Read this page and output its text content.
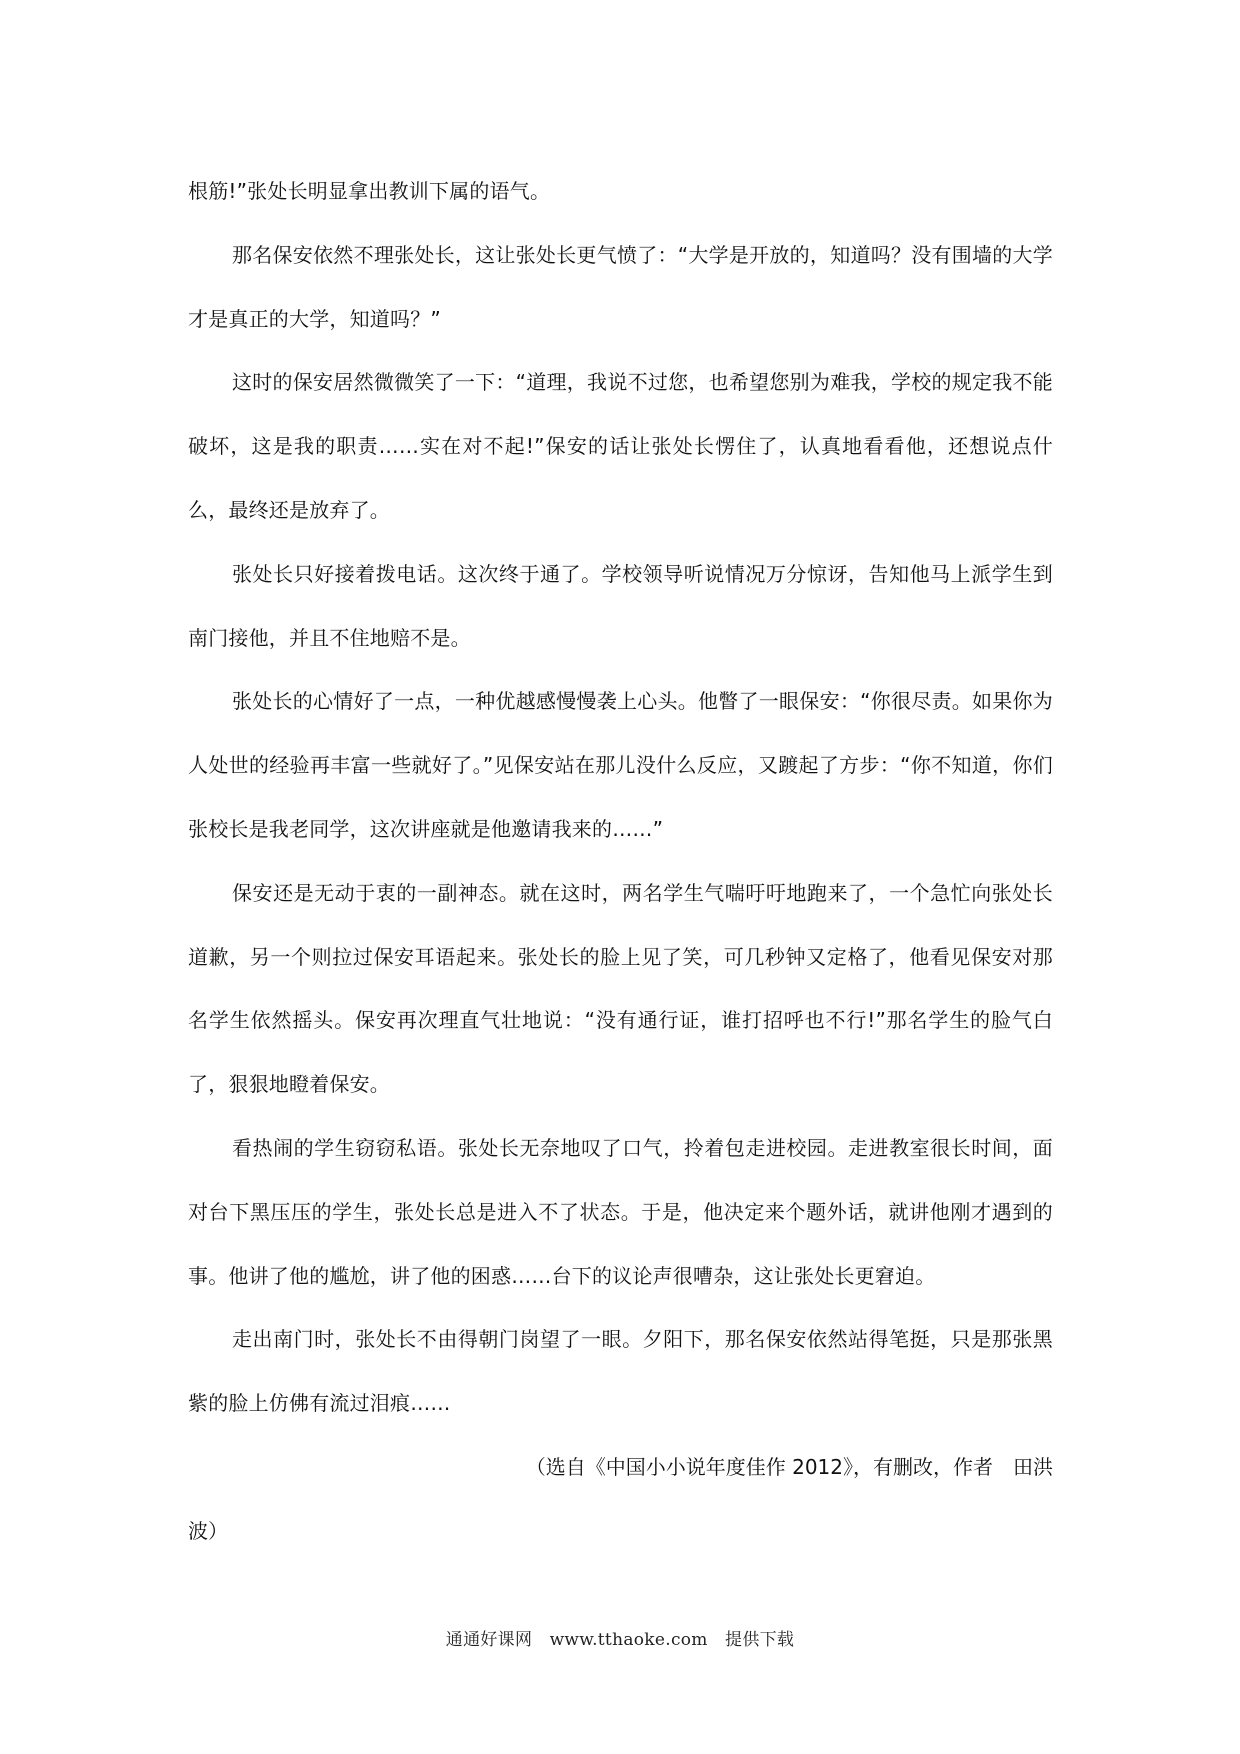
根筋!”张处长明显拿出教训下属的语气。

那名保安依然不理张处长，这让张处长更气愤了：“大学是开放的，知道吗？没有围墙的大学才是真正的大学，知道吗？”

这时的保安居然微微笑了一下：“道理，我说不过您，也希望您别为难我，学校的规定我不能破坏，这是我的职责……实在对不起!”保安的话让张处长愣住了，认真地看看他，还想说点什么，最终还是放弃了。

张处长只好接着拨电话。这次终于通了。学校领导听说情况万分惊讶，告知他马上派学生到南门接他，并且不住地赔不是。

张处长的心情好了一点，一种优越感慢慢袭上心头。他瞥了一眼保安：“你很尽责。如果你为人处世的经验再丰富一些就好了。”见保安站在那儿没什么反应，又踱起了方步：“你不知道，你们张校长是我老同学，这次讲座就是他邀请我来的……”

保安还是无动于衷的一副神态。就在这时，两名学生气喘吁吁地跑来了，一个急忙向张处长道歉，另一个则拉过保安耳语起来。张处长的脸上见了笑，可几秒钟又定格了，他看见保安对那名学生依然摇头。保安再次理直气壮地说：“没有通行证，谁打招呼也不行!”那名学生的脸气白了，狠狠地瞪着保安。

看热闹的学生窃窃私语。张处长无奈地叹了口气，拎着包走进校园。走进教室很长时间，面对台下黑压压的学生，张处长总是进入不了状态。于是，他决定来个题外话，就讲他刚才遇到的事。他讲了他的尴尬，讲了他的困惑……台下的议论声很嘈杂，这让张处长更窘迫。

走出南门时，张处长不由得朝门岗望了一眼。夕阳下，那名保安依然站得笔挺，只是那张黑紫的脸上仿佛有流过泪痕……

（选自《中国小小说年度佳作 2012》，有删改，作者　田洪
波）

通通好课网　www.tthaoke.com　提供下载
